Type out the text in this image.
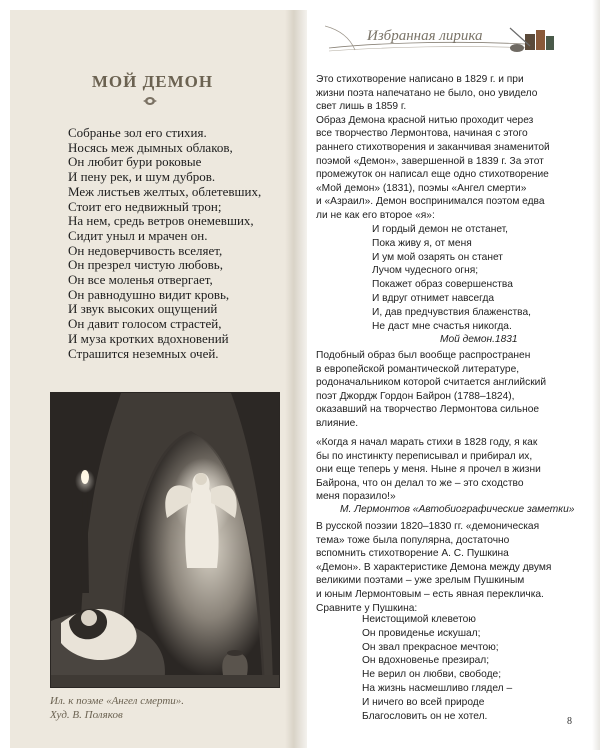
МОЙ ДЕМОН
Собранье зол его стихия.
Носясь меж дымных облаков,
Он любит бури роковые
И пену рек, и шум дубров.
Меж листьев желтых, облетевших,
Стоит его недвижный трон;
На нем, средь ветров онемевших,
Сидит уныл и мрачен он.
Он недоверчивость вселяет,
Он презрел чистую любовь,
Он все моленья отвергает,
Он равнодушно видит кровь,
И звук высоких ощущений
Он давит голосом страстей,
И муза кротких вдохновений
Страшится неземных очей.
Ил. к поэме «Ангел смерти».
Худ. В. Поляков
Избранная лирика
Это стихотворение написано в 1829 г. и при
жизни поэта напечатано не было, оно увидело
свет лишь в 1859 г.
Образ Демона красной нитью проходит через
все творчество Лермонтова, начиная с этого
раннего стихотворения и заканчивая знаменитой
поэмой «Демон», завершенной в 1839 г. За этот
промежуток он написал еще одно стихотворение
«Мой демон» (1831), поэмы «Ангел смерти»
и «Азраил». Демон воспринимался поэтом едва
ли не как его второе «я»:
И гордый демон не отстанет,
Пока живу я, от меня
И ум мой озарять он станет
Лучом чудесного огня;
Покажет образ совершенства
И вдруг отнимет навсегда
И, дав предчувствия блаженства,
Не даст мне счастья никогда.
Мой демон.1831
Подобный образ был вообще распространен
в европейской романтической литературе,
родоначальником которой считается английский
поэт Джордж Гордон Байрон (1788–1824),
оказавший на творчество Лермонтова сильное
влияние.
«Когда я начал марать стихи в 1828 году, я как
бы по инстинкту переписывал и прибирал их,
они еще теперь у меня. Ныне я прочел в жизни
Байрона, что он делал то же – это сходство
меня поразило!»
М. Лермонтов «Автобиографические заметки»
В русской поэзии 1820–1830 гг. «демоническая
тема» тоже была популярна, достаточно
вспомнить стихотворение А. С. Пушкина
«Демон». В характеристике Демона между двумя
великими поэтами – уже зрелым Пушкиным
и юным Лермонтовым – есть явная перекличка.
Сравните у Пушкина:
Неистощимой клеветою
Он провиденье искушал;
Он звал прекрасное мечтою;
Он вдохновенье презирал;
Не верил он любви, свободе;
На жизнь насмешливо глядел –
И ничего во всей природе
Благословить он не хотел.	8
